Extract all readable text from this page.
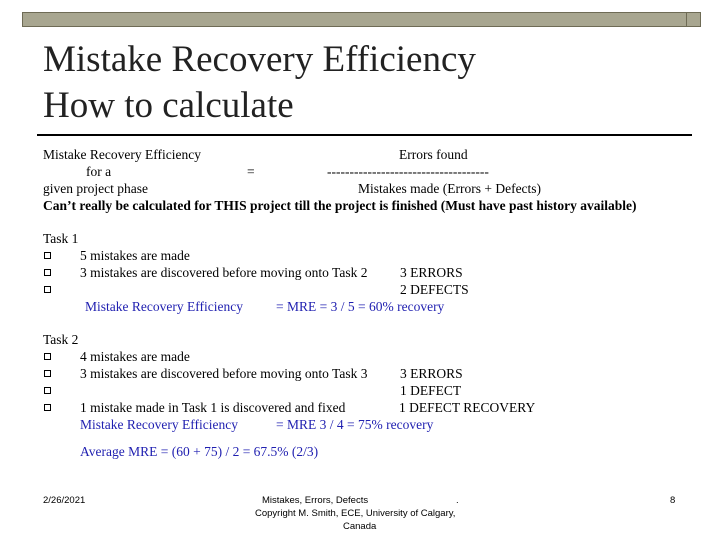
Mistake Recovery Efficiency
How to calculate
Mistake Recovery Efficiency	Errors found
for a	=	------------------------------------
given project phase	Mistakes made (Errors + Defects)
Can’t really be calculated for THIS project till the project is finished (Must have past history available)
Task 1
5 mistakes are made
3 mistakes are discovered before moving onto Task 2 3 ERRORS
2 DEFECTS
Mistake Recovery Efficiency = MRE = 3 / 5 = 60% recovery
Task 2
4 mistakes are made
3 mistakes are discovered before moving onto Task 3 3 ERRORS
1 DEFECT
1 mistake made in Task 1 is discovered and fixed	1 DEFECT RECOVERY
Mistake Recovery Efficiency	= MRE 3 / 4 = 75% recovery
Average MRE = (60 + 75) / 2 = 67.5% (2/3)
2/26/2021	Mistakes, Errors, Defects	.
Copyright M. Smith, ECE, University of Calgary,
Canada
8
